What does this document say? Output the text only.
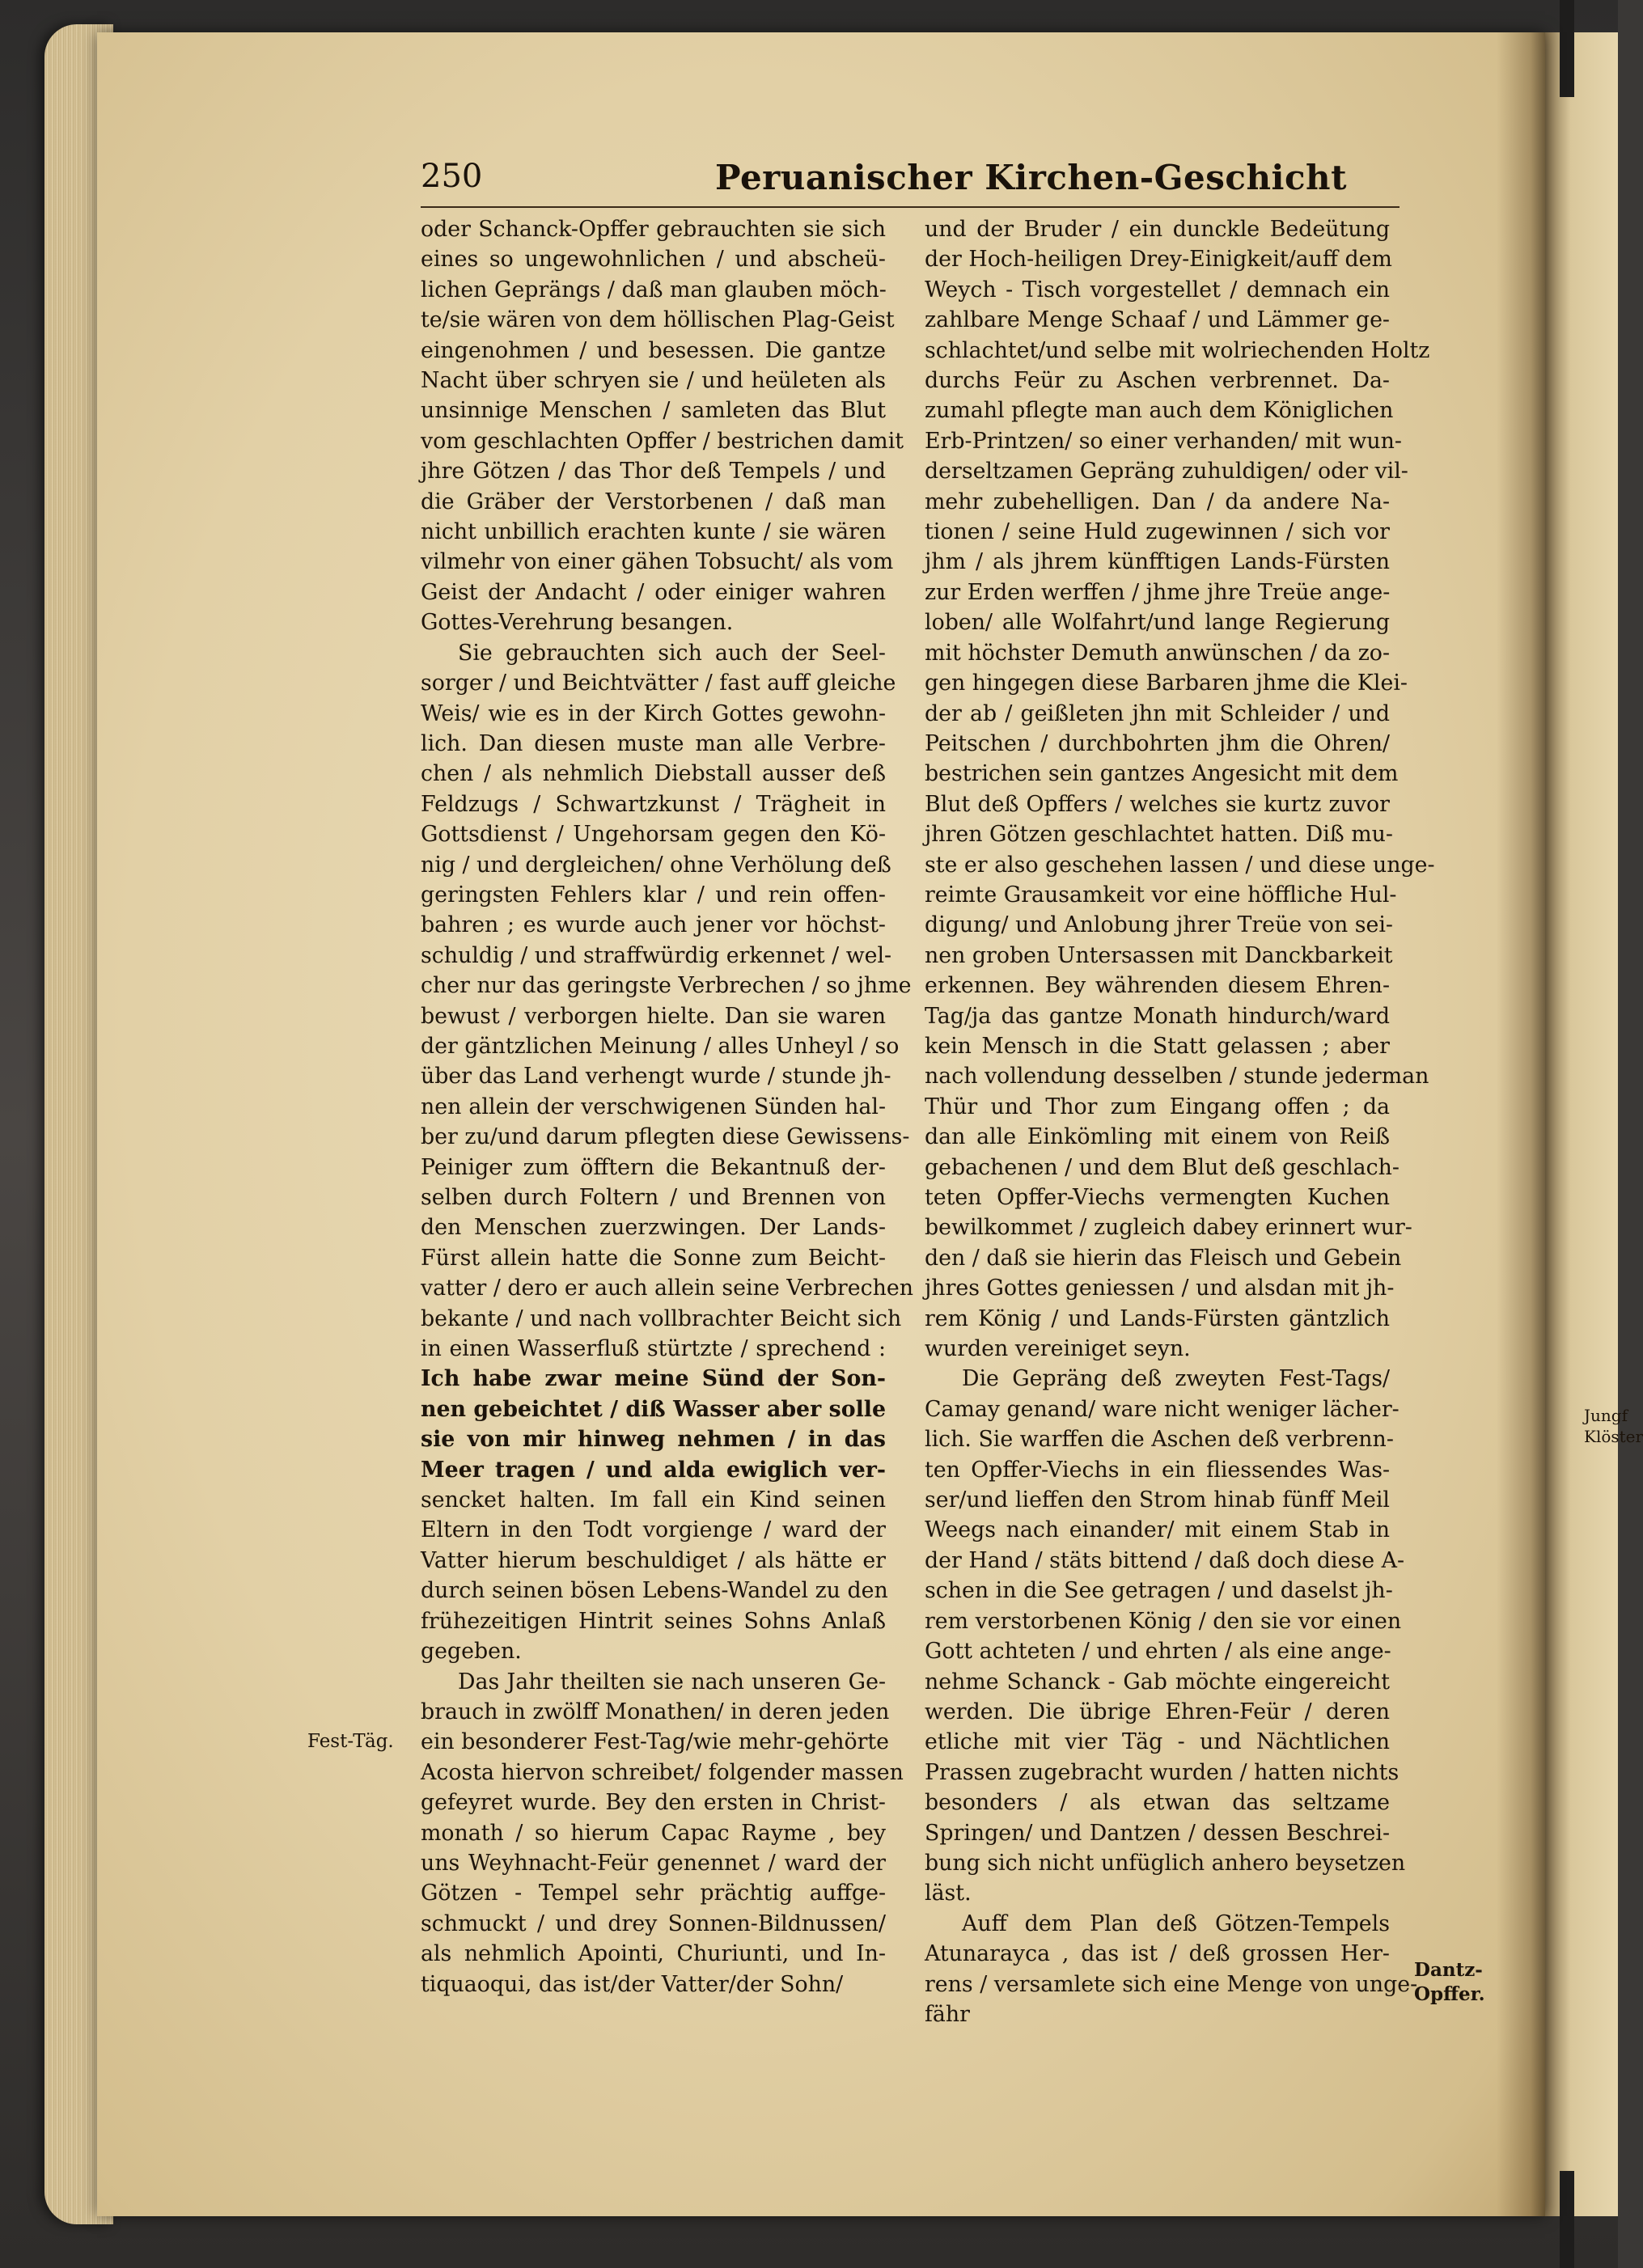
250	Peruanischer Kirchen-Geschicht
oder Schanck-Opffer gebrauchten sie sich
eines so ungewohnlichen / und abscheü-
lichen Geprängs / daß man glauben möch-
te/sie wären von dem höllischen Plag-Geist
eingenohmen / und besessen. Die gantze
Nacht über schryen sie / und heületen als
unsinnige Menschen / samleten das Blut
vom geschlachten Opffer / bestrichen damit
jhre Götzen / das Thor deß Tempels / und
die Gräber der Verstorbenen / daß man
nicht unbillich erachten kunte / sie wären
vilmehr von einer gähen Tobsucht/ als vom
Geist der Andacht / oder einiger wahren
Gottes-Verehrung besangen.
Sie gebrauchten sich auch der Seel-
sorger / und Beichtvätter / fast auff gleiche
Weis/ wie es in der Kirch Gottes gewohn-
lich. Dan diesen muste man alle Verbre-
chen / als nehmlich Diebstall ausser deß
Feldzugs / Schwartzkunst / Trägheit in
Gottsdienst / Ungehorsam gegen den Kö-
nig / und dergleichen/ ohne Verhölung deß
geringsten Fehlers klar / und rein offen-
bahren ; es wurde auch jener vor höchst-
schuldig / und straffwürdig erkennet / wel-
cher nur das geringste Verbrechen / so jhme
bewust / verborgen hielte. Dan sie waren
der gäntzlichen Meinung / alles Unheyl / so
über das Land verhengt wurde / stunde jh-
nen allein der verschwigenen Sünden hal-
ber zu/und darum pflegten diese Gewissens-
Peiniger zum öfftern die Bekantnuß der-
selben durch Foltern / und Brennen von
den Menschen zuerzwingen. Der Lands-
Fürst allein hatte die Sonne zum Beicht-
vatter / dero er auch allein seine Verbrechen
bekante / und nach vollbrachter Beicht sich
in einen Wasserfluß stürtzte / sprechend :
Ich habe zwar meine Sünd der Son-
nen gebeichtet / diß Wasser aber solle
sie von mir hinweg nehmen / in das
Meer tragen / und alda ewiglich ver-
sencket halten. Im fall ein Kind seinen
Eltern in den Todt vorgienge / ward der
Vatter hierum beschuldiget / als hätte er
durch seinen bösen Lebens-Wandel zu den
frühezeitigen Hintrit seines Sohns Anlaß
gegeben.
Das Jahr theilten sie nach unseren Ge-
brauch in zwölff Monathen/ in deren jeden
ein besonderer Fest-Tag/wie mehr-gehörte
Acosta hiervon schreibet/ folgender massen
gefeyret wurde. Bey den ersten in Christ-
monath / so hierum Capac Rayme , bey
uns Weyhnacht-Feür genennet / ward der
Götzen - Tempel sehr prächtig auffge-
schmuckt / und drey Sonnen-Bildnussen/
als nehmlich Apointi, Churiunti, und In-
tiquaoqui, das ist/der Vatter/der Sohn/
und der Bruder / ein dunckle Bedeütung
der Hoch-heiligen Drey-Einigkeit/auff dem
Weych - Tisch vorgestellet / demnach ein
zahlbare Menge Schaaf / und Lämmer ge-
schlachtet/und selbe mit wolriechenden Holtz
durchs Feür zu Aschen verbrennet. Da-
zumahl pflegte man auch dem Königlichen
Erb-Printzen/ so einer verhanden/ mit wun-
derseltzamen Gepräng zuhuldigen/ oder vil-
mehr zubehelligen. Dan / da andere Na-
tionen / seine Huld zugewinnen / sich vor
jhm / als jhrem künfftigen Lands-Fürsten
zur Erden werffen / jhme jhre Treüe ange-
loben/ alle Wolfahrt/und lange Regierung
mit höchster Demuth anwünschen / da zo-
gen hingegen diese Barbaren jhme die Klei-
der ab / geißleten jhn mit Schleider / und
Peitschen / durchbohrten jhm die Ohren/
bestrichen sein gantzes Angesicht mit dem
Blut deß Opffers / welches sie kurtz zuvor
jhren Götzen geschlachtet hatten. Diß mu-
ste er also geschehen lassen / und diese unge-
reimte Grausamkeit vor eine höffliche Hul-
digung/ und Anlobung jhrer Treüe von sei-
nen groben Untersassen mit Danckbarkeit
erkennen. Bey währenden diesem Ehren-
Tag/ja das gantze Monath hindurch/ward
kein Mensch in die Statt gelassen ; aber
nach vollendung desselben / stunde jederman
Thür und Thor zum Eingang offen ; da
dan alle Einkömling mit einem von Reiß
gebachenen / und dem Blut deß geschlach-
teten Opffer-Viechs vermengten Kuchen
bewilkommet / zugleich dabey erinnert wur-
den / daß sie hierin das Fleisch und Gebein
jhres Gottes geniessen / und alsdan mit jh-
rem König / und Lands-Fürsten gäntzlich
wurden vereiniget seyn.
Die Gepräng deß zweyten Fest-Tags/
Camay genand/ ware nicht weniger lächer-
lich. Sie warffen die Aschen deß verbrenn-
ten Opffer-Viechs in ein fliessendes Was-
ser/und lieffen den Strom hinab fünff Meil
Weegs nach einander/ mit einem Stab in
der Hand / stäts bittend / daß doch diese A-
schen in die See getragen / und daselst jh-
rem verstorbenen König / den sie vor einen
Gott achteten / und ehrten / als eine ange-
nehme Schanck - Gab möchte eingereicht
werden. Die übrige Ehren-Feür / deren
etliche mit vier Täg - und Nächtlichen
Prassen zugebracht wurden / hatten nichts
besonders / als etwan das seltzame
Springen/ und Dantzen / dessen Beschrei-
bung sich nicht unfüglich anhero beysetzen
läst.
Auff dem Plan deß Götzen-Tempels
Atunarayca , das ist / deß grossen Her-
rens / versamlete sich eine Menge von unge-
fähr
Fest-Täg.
Dantz-
Opffer.
Jungf
Klöster
